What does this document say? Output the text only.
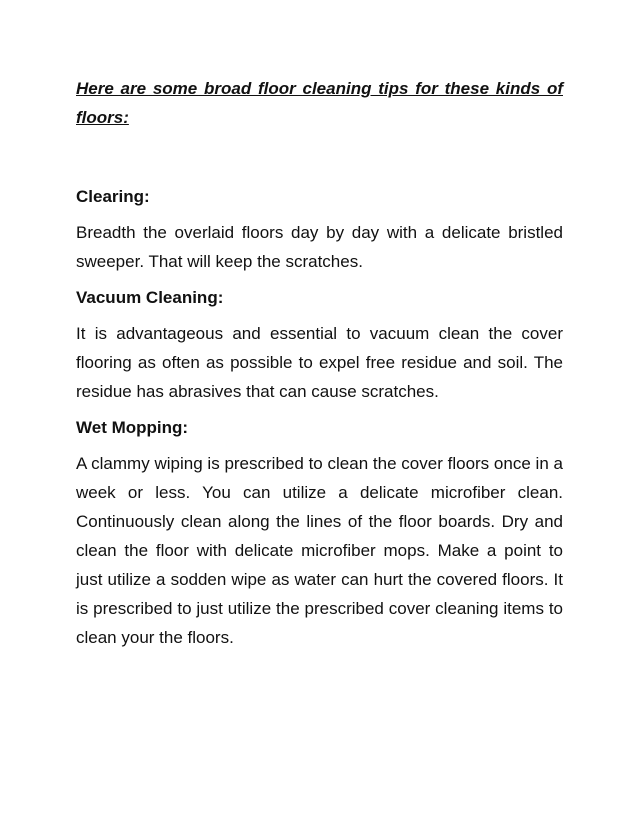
Here are some broad floor cleaning tips for these kinds of floors:

Clearing:

Breadth the overlaid floors day by day with a delicate bristled sweeper. That will keep the scratches.

Vacuum Cleaning:

It is advantageous and essential to vacuum clean the cover flooring as often as possible to expel free residue and soil. The residue has abrasives that can cause scratches.

Wet Mopping:

A clammy wiping is prescribed to clean the cover floors once in a week or less. You can utilize a delicate microfiber clean. Continuously clean along the lines of the floor boards. Dry and clean the floor with delicate microfiber mops. Make a point to just utilize a sodden wipe as water can hurt the covered floors. It is prescribed to just utilize the prescribed cover cleaning items to clean your the floors.
